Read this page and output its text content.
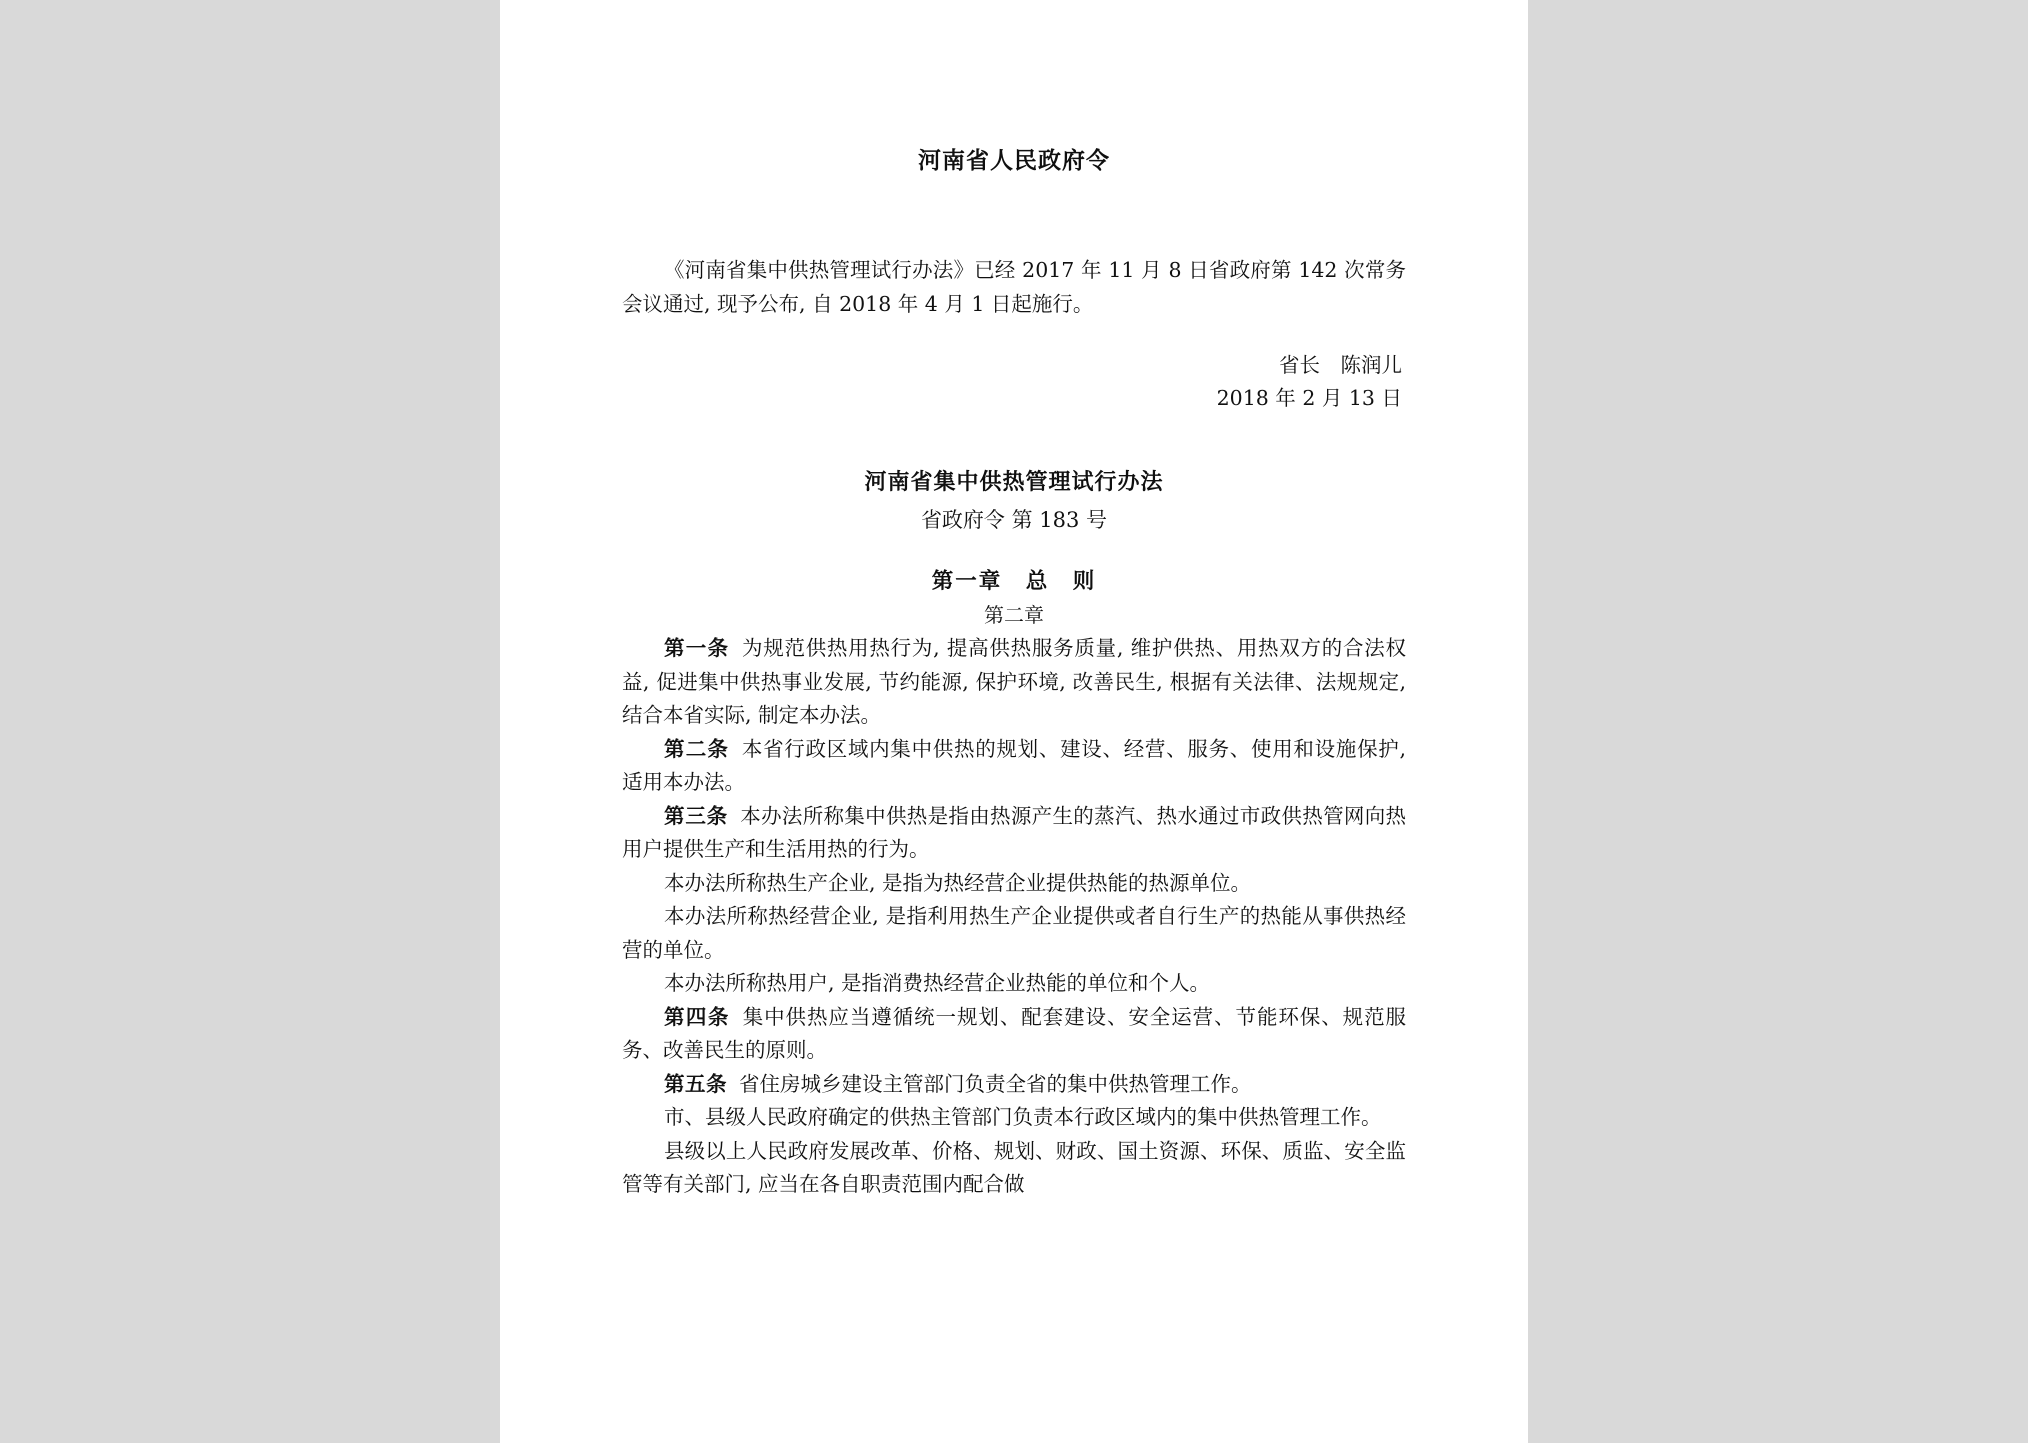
河南省人民政府令

《河南省集中供热管理试行办法》已经 2017 年 11 月 8 日省政府第 142 次常务会议通过, 现予公布, 自 2018 年 4 月 1 日起施行。

省长　陈润儿
2018 年 2 月 13 日
河南省集中供热管理试行办法
省政府令 第 183 号
第一章　总　则
第二章

第一条 为规范供热用热行为, 提高供热服务质量, 维护供热、用热双方的合法权益, 促进集中供热事业发展, 节约能源, 保护环境, 改善民生, 根据有关法律、法规规定, 结合本省实际, 制定本办法。

第二条 本省行政区域内集中供热的规划、建设、经营、服务、使用和设施保护, 适用本办法。

第三条 本办法所称集中供热是指由热源产生的蒸汽、热水通过市政供热管网向热用户提供生产和生活用热的行为。

本办法所称热生产企业, 是指为热经营企业提供热能的热源单位。

本办法所称热经营企业, 是指利用热生产企业提供或者自行生产的热能从事供热经营的单位。

本办法所称热用户, 是指消费热经营企业热能的单位和个人。

第四条 集中供热应当遵循统一规划、配套建设、安全运营、节能环保、规范服务、改善民生的原则。

第五条 省住房城乡建设主管部门负责全省的集中供热管理工作。

市、县级人民政府确定的供热主管部门负责本行政区域内的集中供热管理工作。

县级以上人民政府发展改革、价格、规划、财政、国土资源、环保、质监、安全监管等有关部门, 应当在各自职责范围内配合做
